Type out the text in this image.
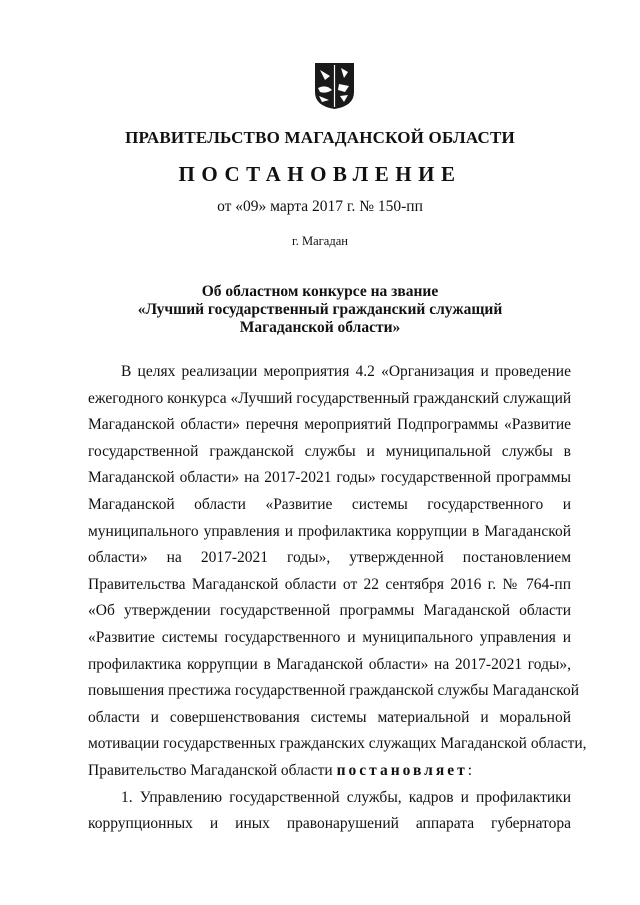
ПРАВИТЕЛЬСТВО МАГАДАНСКОЙ ОБЛАСТИ
ПОСТАНОВЛЕНИЕ
от «09» марта 2017 г. № 150-пп
г. Магадан
Об областном конкурсе на звание
«Лучший государственный гражданский служащий
Магаданской области»
В целях реализации мероприятия 4.2 «Организация и проведение
ежегодного конкурса «Лучший государственный гражданский служащий
Магаданской области» перечня мероприятий Подпрограммы «Развитие
государственной гражданской службы и муниципальной службы в
Магаданской области» на 2017-2021 годы» государственной программы
Магаданской области «Развитие системы государственного и
муниципального управления и профилактика коррупции в Магаданской
области» на 2017-2021 годы», утвержденной постановлением
Правительства Магаданской области от 22 сентября 2016 г. № 764-пп
«Об утверждении государственной программы Магаданской области
«Развитие системы государственного и муниципального управления и
профилактика коррупции в Магаданской области» на 2017-2021 годы»,
повышения престижа государственной гражданской службы Магаданской
области и совершенствования системы материальной и моральной
мотивации государственных гражданских служащих Магаданской области,
Правительство Магаданской области постановляет:
1. Управлению государственной службы, кадров и профилактики
коррупционных и иных правонарушений аппарата губернатора
